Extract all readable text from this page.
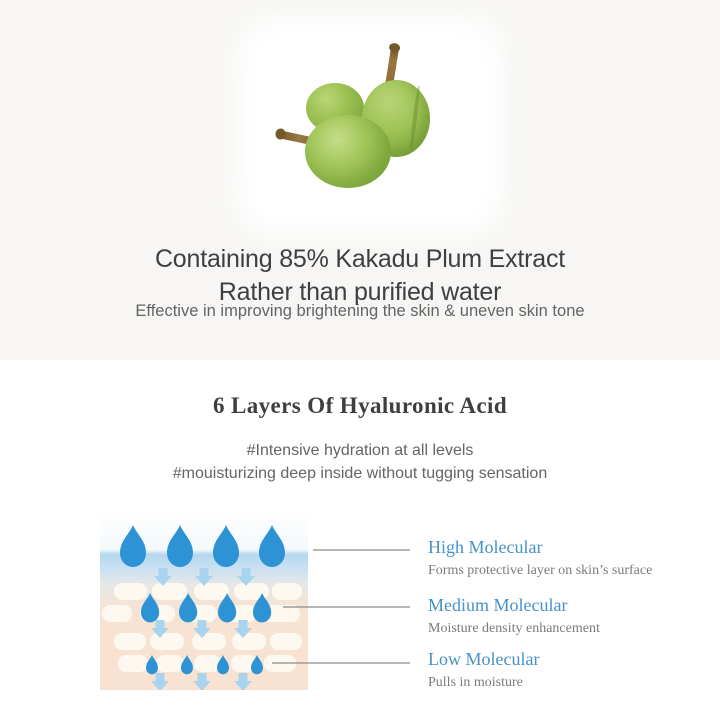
Containing 85% Kakadu Plum Extract
Rather than purified water

Effective in improving brightening the skin & uneven skin tone

6 Layers Of Hyaluronic Acid

#Intensive hydration at all levels
#mouisturizing deep inside without tugging sensation

High Molecular
Forms protective layer on skin’s surface
Medium Molecular
Moisture density enhancement
Low Molecular
Pulls in moisture
